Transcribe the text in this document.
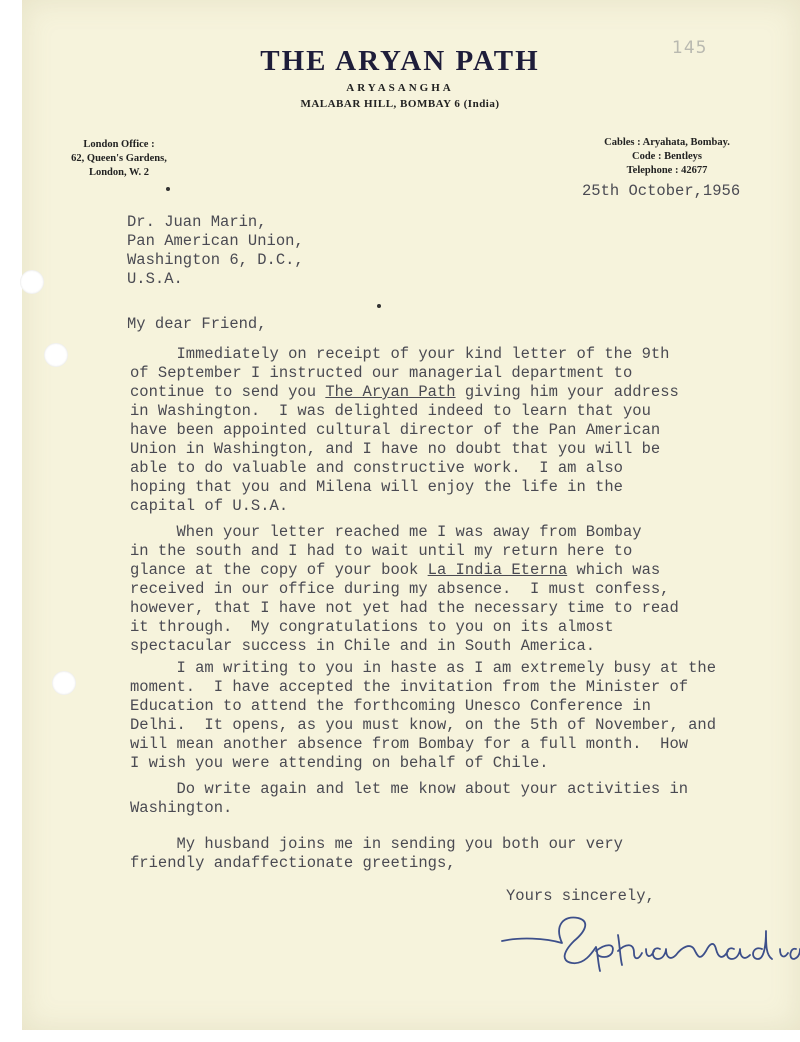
145
THE ARYAN PATH
ARYASANGHA
MALABAR HILL, BOMBAY 6 (India)
London Office :
62, Queen's Gardens,
London, W. 2
Cables : Aryahata, Bombay.
Code : Bentleys
Telephone : 42677
25th October,1956
Dr. Juan Marin,
Pan American Union,
Washington 6, D.C.,
U.S.A.
My dear Friend,
Immediately on receipt of your kind letter of the 9th
of September I instructed our managerial department to
continue to send you The Aryan Path giving him your address
in Washington.  I was delighted indeed to learn that you
have been appointed cultural director of the Pan American
Union in Washington, and I have no doubt that you will be
able to do valuable and constructive work.  I am also
hoping that you and Milena will enjoy the life in the
capital of U.S.A.
When your letter reached me I was away from Bombay
in the south and I had to wait until my return here to
glance at the copy of your book La India Eterna which was
received in our office during my absence.  I must confess,
however, that I have not yet had the necessary time to read
it through.  My congratulations to you on its almost
spectacular success in Chile and in South America.
I am writing to you in haste as I am extremely busy at the
moment.  I have accepted the invitation from the Minister of
Education to attend the forthcoming Unesco Conference in
Delhi.  It opens, as you must know, on the 5th of November, and
will mean another absence from Bombay for a full month.  How
I wish you were attending on behalf of Chile.
Do write again and let me know about your activities in
Washington.
My husband joins me in sending you both our very
friendly andaffectionate greetings,
Yours sincerely,
